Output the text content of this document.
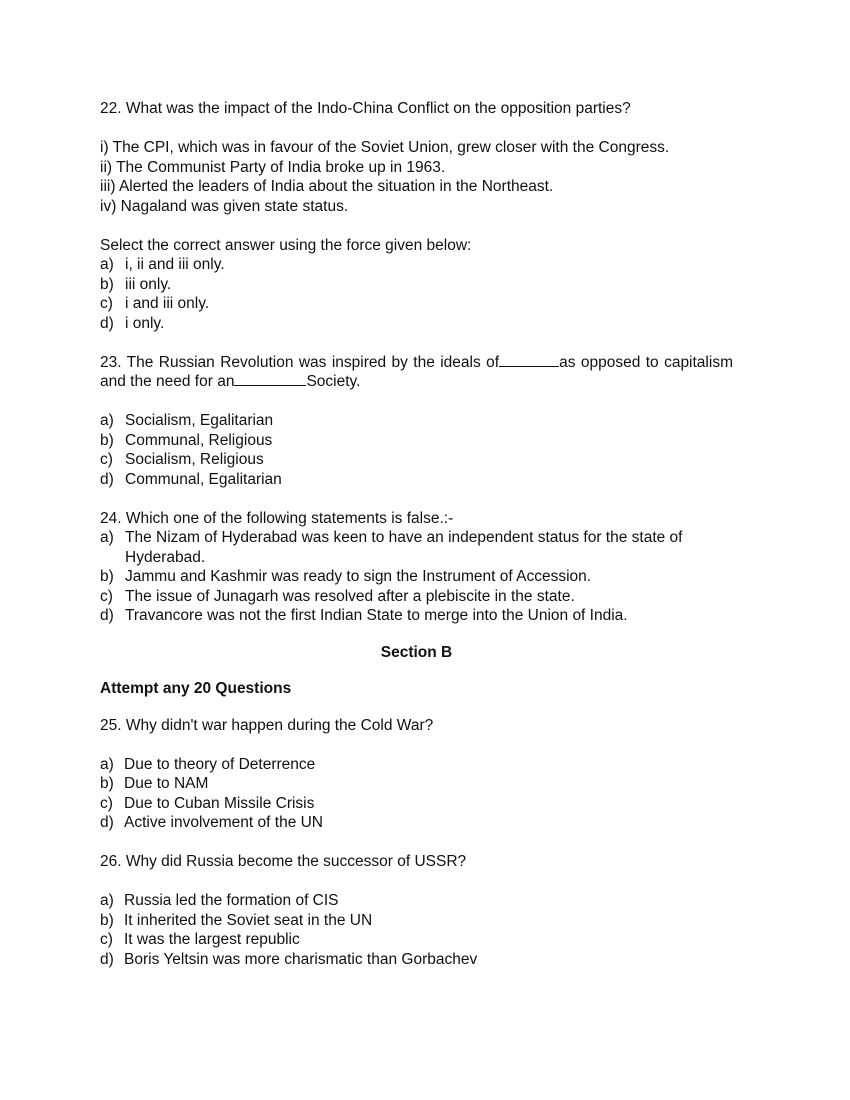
22. What was the impact of the Indo-China Conflict on the opposition parties?
i) The CPI, which was in favour of the Soviet Union, grew closer with the Congress.
ii) The Communist Party of India broke up in 1963.
iii) Alerted the leaders of India about the situation in the Northeast.
iv) Nagaland was given state status.
Select the correct answer using the force given below:
a) i, ii and iii only.
b) iii only.
c) i and iii only.
d) i only.

23. The Russian Revolution was inspired by the ideals of	as opposed to capitalism and the need for an	Society.

a) Socialism, Egalitarian
b) Communal, Religious
c) Socialism, Religious
d) Communal, Egalitarian
24. Which one of the following statements is false.:-
a) The Nizam of Hyderabad was keen to have an independent status for the state of Hyderabad.
b) Jammu and Kashmir was ready to sign the Instrument of Accession.
c) The issue of Junagarh was resolved after a plebiscite in the state.
d) Travancore was not the first Indian State to merge into the Union of India.
Section B
Attempt any 20 Questions
25. Why didn't war happen during the Cold War?
a) Due to theory of Deterrence
b) Due to NAM
c) Due to Cuban Missile Crisis
d) Active involvement of the UN
26. Why did Russia become the successor of USSR?
a) Russia led the formation of CIS
b) It inherited the Soviet seat in the UN
c) It was the largest republic
d) Boris Yeltsin was more charismatic than Gorbachev
